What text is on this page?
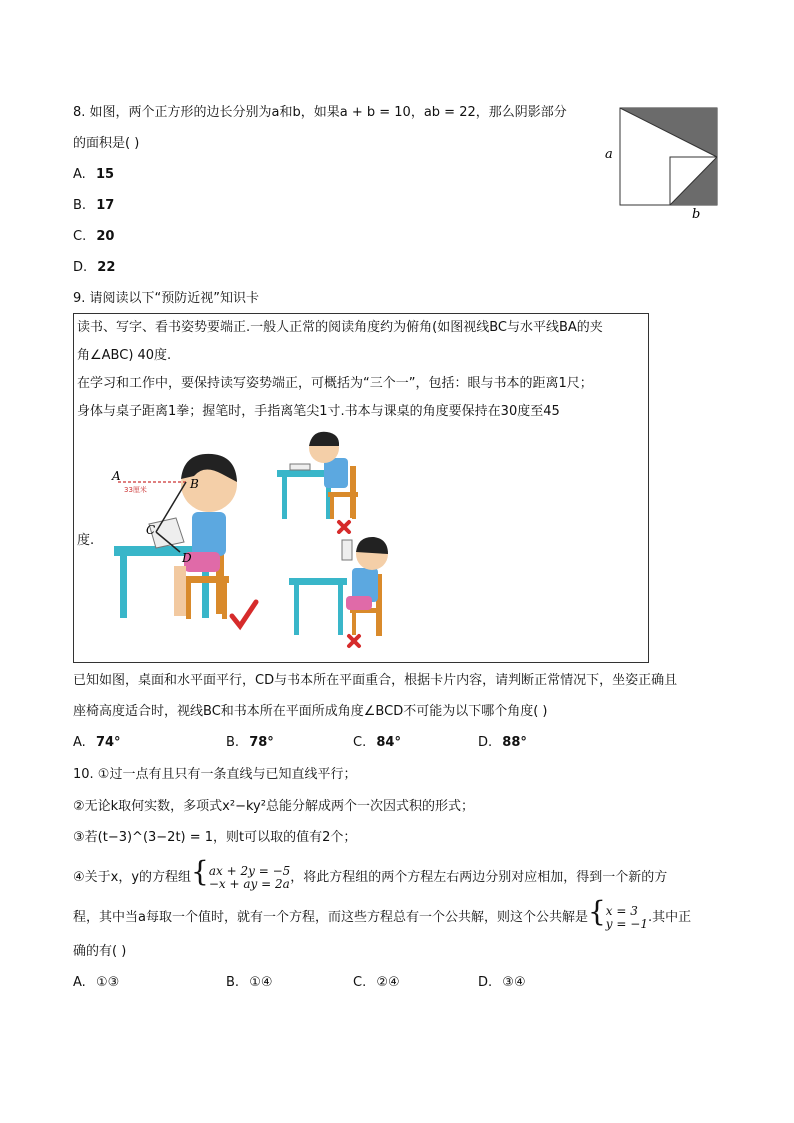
8. 如图，两个正方形的边长分别为a和b，如果a + b = 10，ab = 22，那么阴影部分
的面积是( )
A. 15
B. 17
C. 20
D. 22
a
b
9. 请阅读以下“预防近视”知识卡
读书、写字、看书姿势要端正.一般人正常的阅读角度约为俯角(如图视线BC与水平线BA的夹
角∠ABC) 40度.
在学习和工作中，要保持读写姿势端正，可概括为“三个一”，包括：眼与书本的距离1尺；
身体与桌子距离1拳；握笔时，手指离笔尖1寸.书本与课桌的角度要保持在30度至45
度.
A
B
C
D
33厘米
已知如图，桌面和水平面平行，CD与书本所在平面重合，根据卡片内容，请判断正常情况下，坐姿正确且
座椅高度适合时，视线BC和书本所在平面所成角度∠BCD不可能为以下哪个角度( )
A. 74°	B. 78°	C. 84°	D. 88°
10. ①过一点有且只有一条直线与已知直线平行；
②无论k取何实数，多项式x²−ky²总能分解成两个一次因式积的形式；
③若(t−3)^(3−2t) = 1，则t可以取的值有2个；
④关于x，y的方程组{ax + 2y = −5
−x + ay = 2a，将此方程组的两个方程左右两边分别对应相加，得到一个新的方
程，其中当a每取一个值时，就有一个方程，而这些方程总有一个公共解，则这个公共解是{x = 3
y = −1.其中正
确的有( )
A. ①③	B. ①④	C. ②④	D. ③④
